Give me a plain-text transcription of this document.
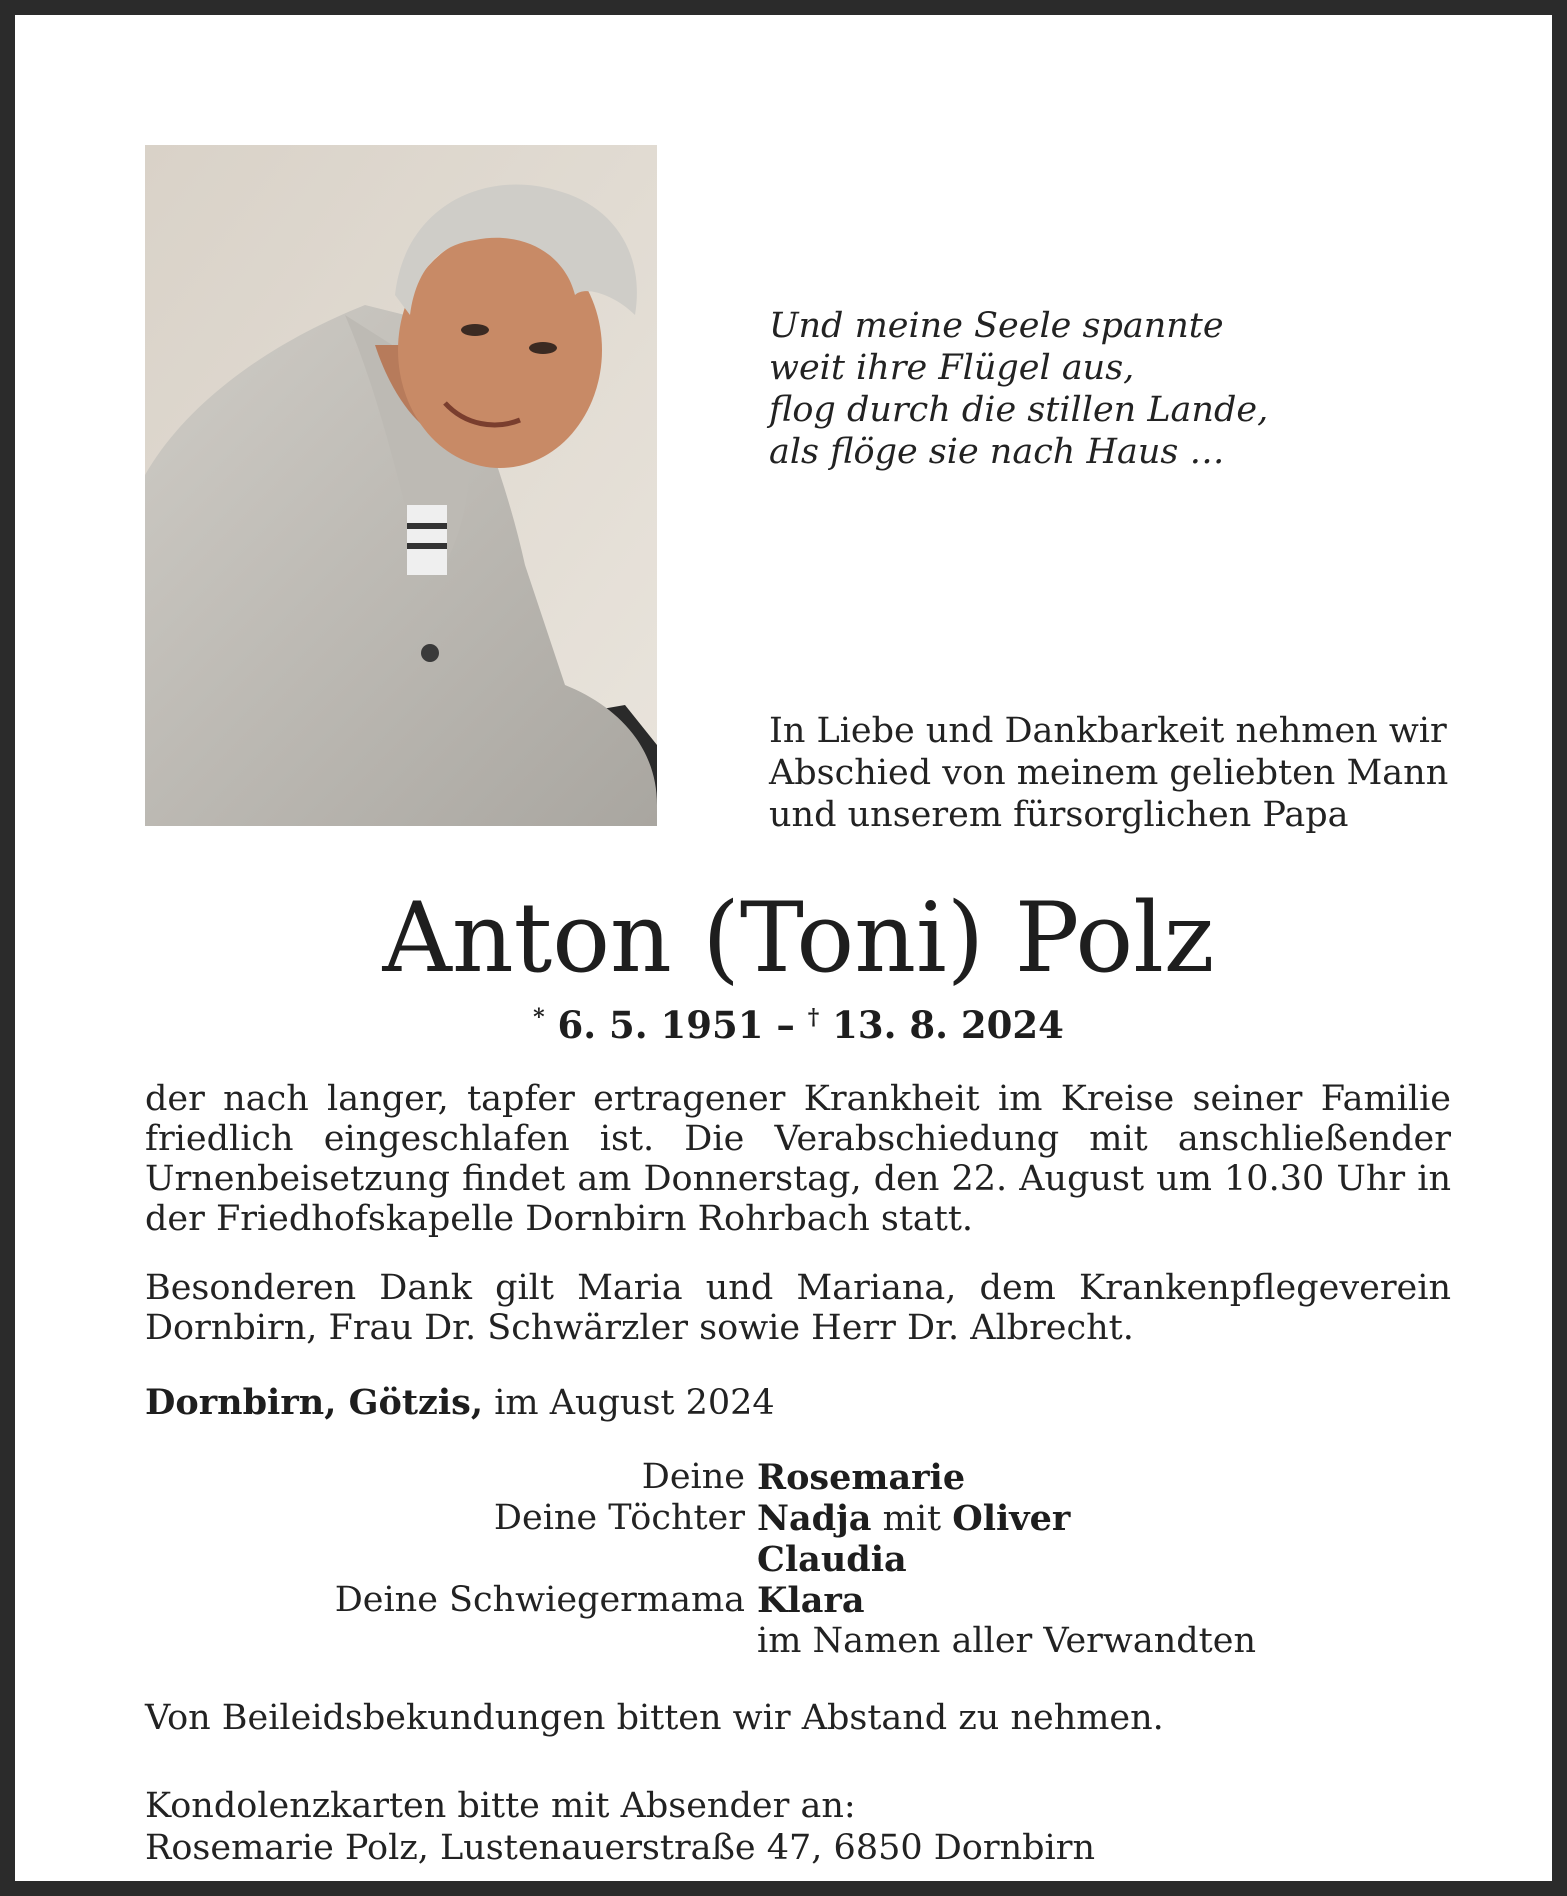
Und meine Seele spannte
weit ihre Flügel aus,
flog durch die stillen Lande,
als flöge sie nach Haus …
In Liebe und Dankbarkeit nehmen wir
Abschied von meinem geliebten Mann
und unserem fürsorglichen Papa
Anton (Toni) Polz
* 6. 5. 1951 – † 13. 8. 2024
der nach langer, tapfer ertragener Krankheit im Kreise seiner Familie friedlich eingeschlafen ist. Die Verabschiedung mit anschließender Urnenbeisetzung findet am Donnerstag, den 22. August um 10.30 Uhr in der Friedhofskapelle Dornbirn Rohrbach statt.
Besonderen Dank gilt Maria und Mariana, dem Krankenpflegeverein Dornbirn, Frau Dr. Schwärzler sowie Herr Dr. Albrecht.
Dornbirn, Götzis, im August 2024
Deine Rosemarie
Deine Töchter Nadja mit Oliver
Claudia
Deine Schwiegermama Klara
im Namen aller Verwandten
Von Beileidsbekundungen bitten wir Abstand zu nehmen.
Kondolenzkarten bitte mit Absender an:
Rosemarie Polz, Lustenauerstraße 47, 6850 Dornbirn
